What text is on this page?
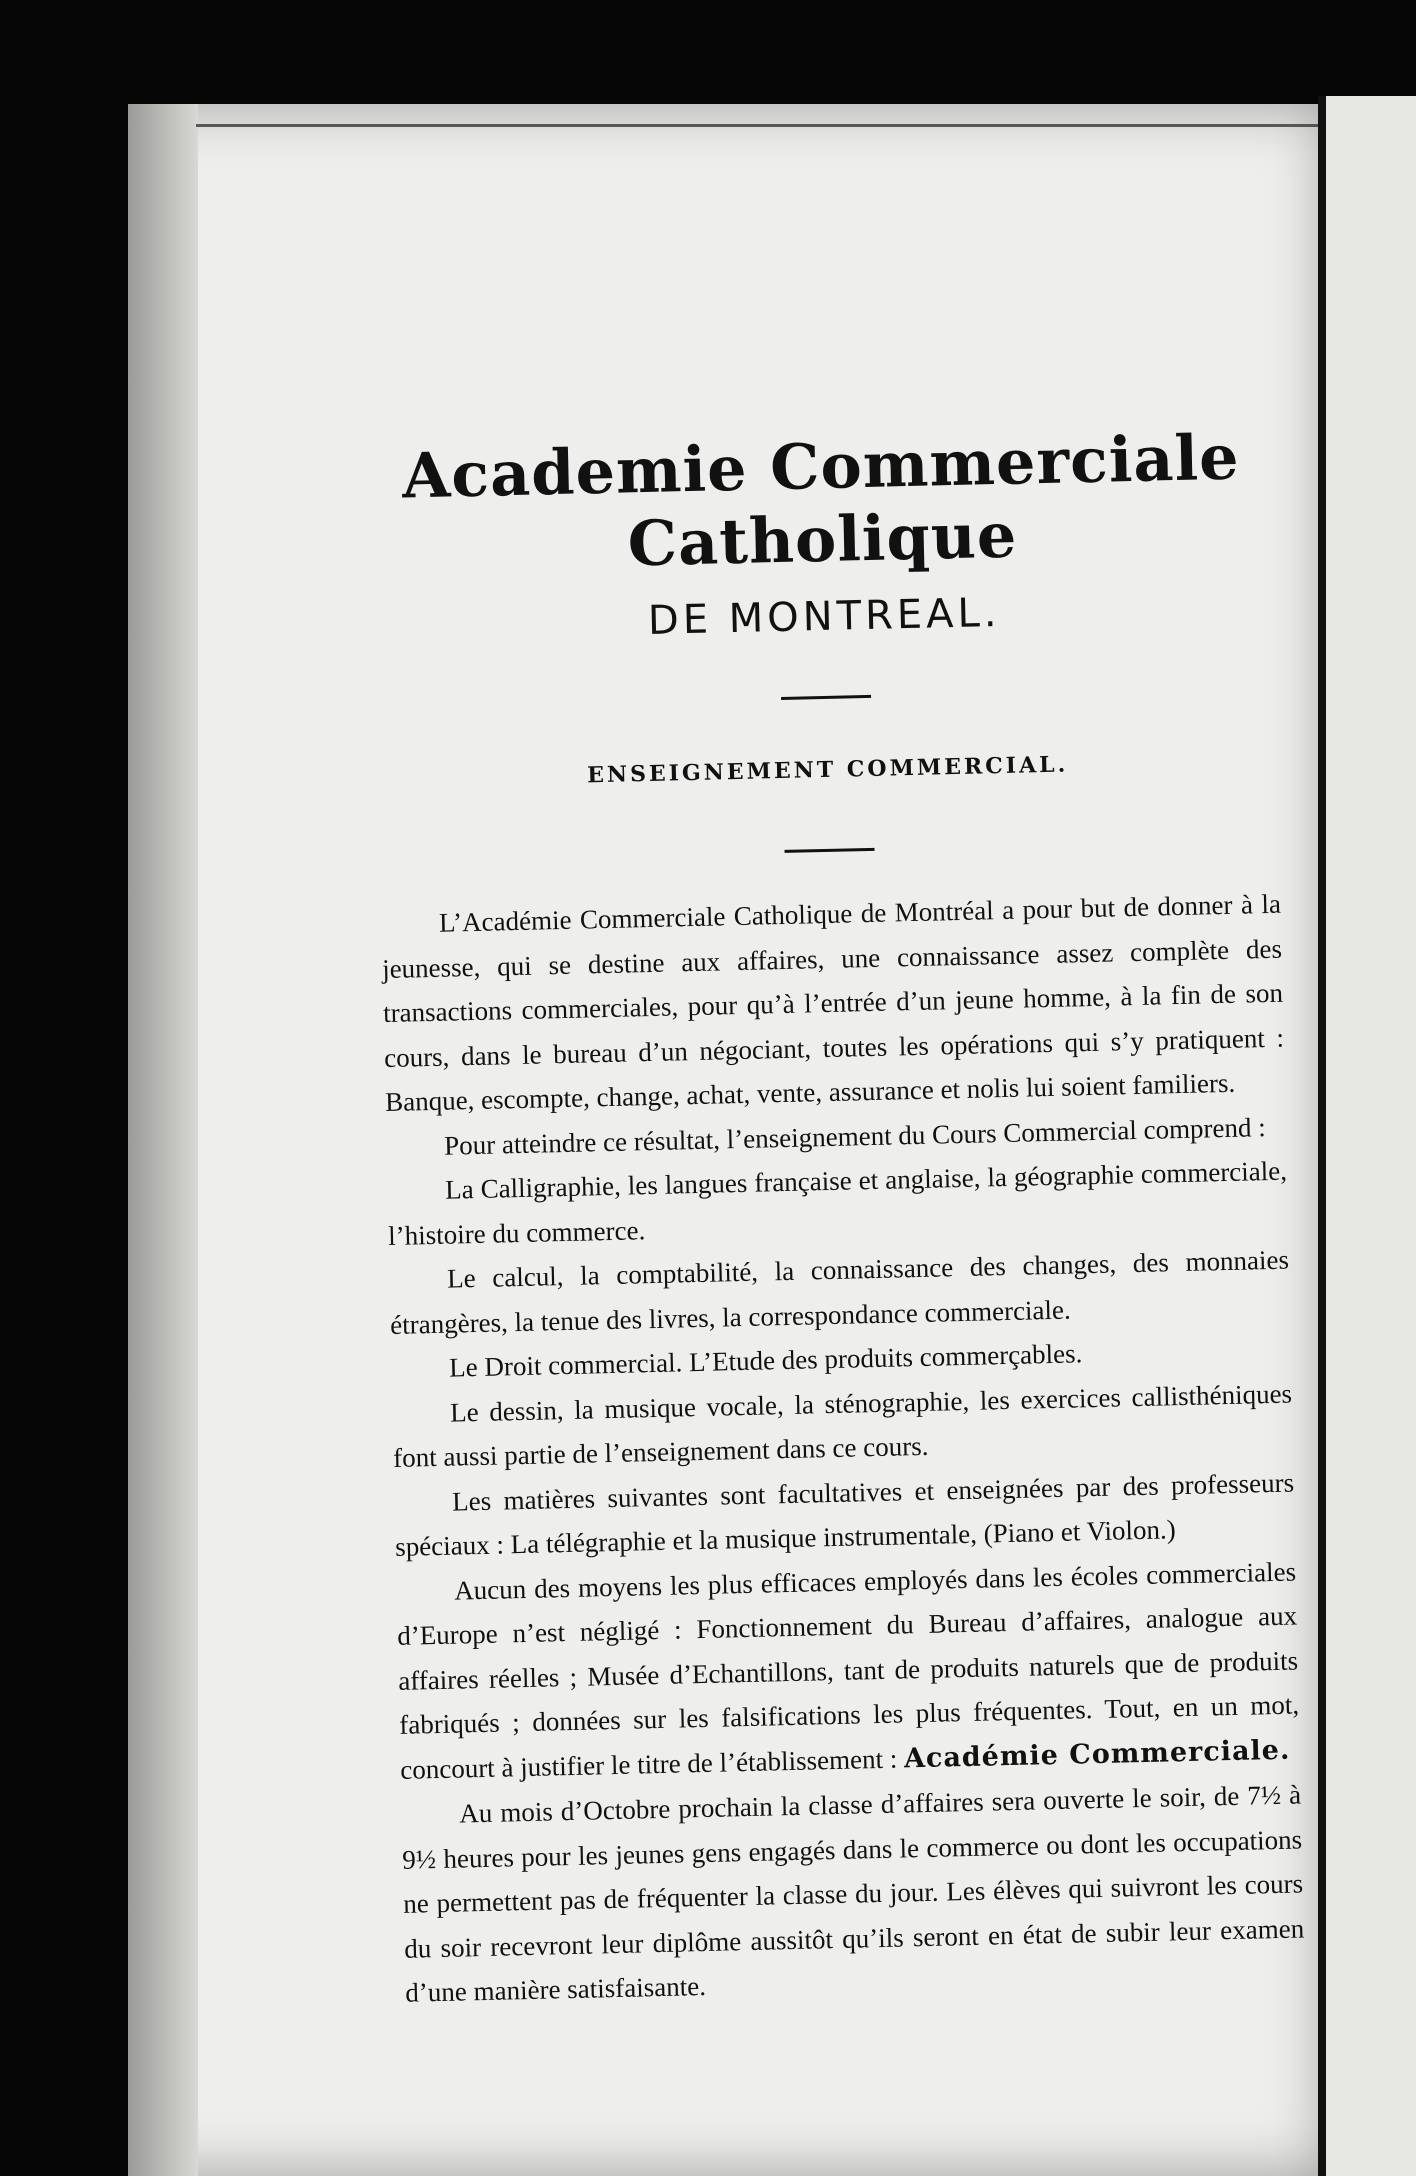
Academie Commerciale Catholique
DE MONTREAL.
ENSEIGNEMENT COMMERCIAL.

L’Académie Commerciale Catholique de Montréal a pour but de donner à la jeunesse, qui se destine aux affaires, une connaissance assez complète des transactions commerciales, pour qu’à l’entrée d’un jeune homme, à la fin de son cours, dans le bureau d’un négociant, toutes les opérations qui s’y pratiquent : Banque, escompte, change, achat, vente, assurance et nolis lui soient familiers.

Pour atteindre ce résultat, l’enseignement du Cours Commercial comprend :

La Calligraphie, les langues française et anglaise, la géographie commerciale, l’histoire du commerce.

Le calcul, la comptabilité, la connaissance des changes, des monnaies étrangères, la tenue des livres, la correspondance commerciale.

Le Droit commercial. L’Etude des produits commerçables.

Le dessin, la musique vocale, la sténographie, les exercices callisthéniques font aussi partie de l’enseignement dans ce cours.

Les matières suivantes sont facultatives et enseignées par des professeurs spéciaux : La télégraphie et la musique instrumentale, (Piano et Violon.)

Aucun des moyens les plus efficaces employés dans les écoles commerciales d’Europe n’est négligé : Fonctionnement du Bureau d’affaires, analogue aux affaires réelles ; Musée d’Echantillons, tant de produits naturels que de produits fabriqués ; données sur les falsifications les plus fréquentes. Tout, en un mot, concourt à justifier le titre de l’établissement : Académie Commerciale.

Au mois d’Octobre prochain la classe d’affaires sera ouverte le soir, de 7½ à 9½ heures pour les jeunes gens engagés dans le commerce ou dont les occupations ne permettent pas de fréquenter la classe du jour. Les élèves qui suivront les cours du soir recevront leur diplôme aussitôt qu’ils seront en état de subir leur examen d’une manière satisfaisante.
